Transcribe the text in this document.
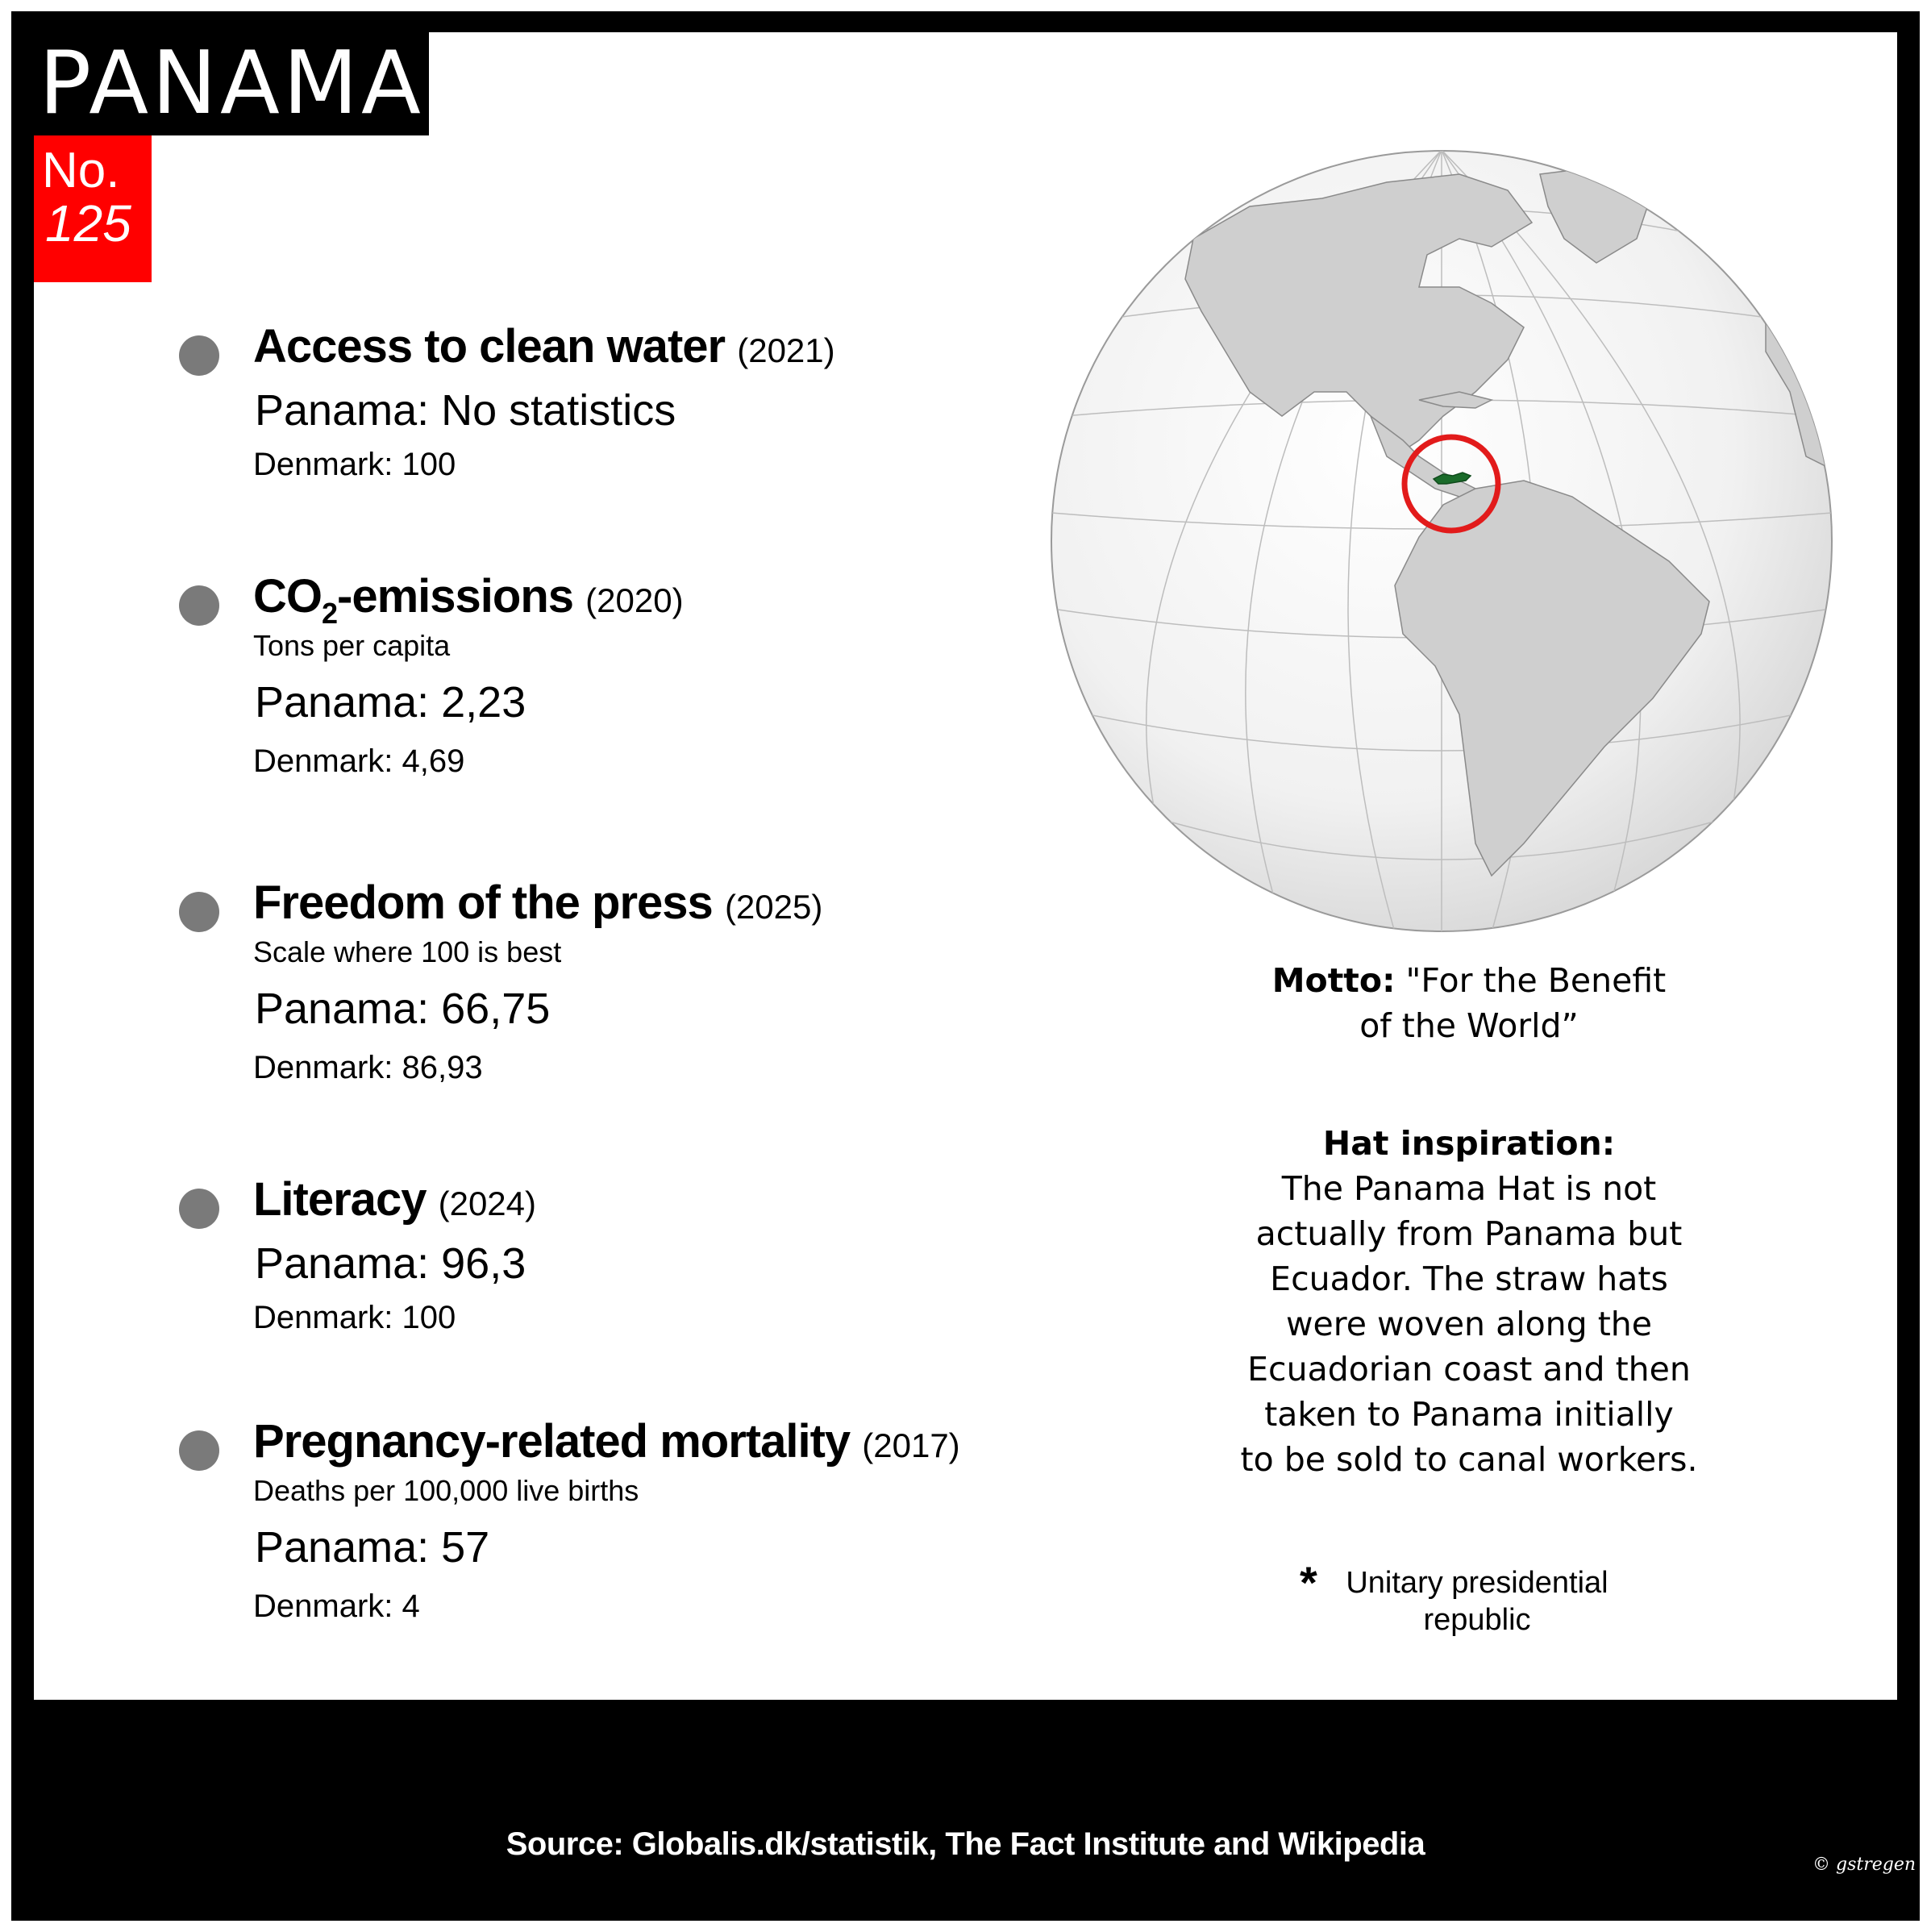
PANAMA
No.
125
Access to clean water (2021)
Panama: No statistics
Denmark: 100
$CO_2$-emissions (2020)
Tons per capita
Panama: 2,23
Denmark: 4,69
Freedom of the press (2025)
Scale where 100 is best
Panama: 66,75
Denmark: 86,93
Literacy (2024)
Panama: 96,3
Denmark: 100
Pregnancy-related mortality (2017)
Deaths per 100,000 live births
Panama: 57
Denmark: 4
Motto: "For the Benefit
of the World”
Hat inspiration:
The Panama Hat is not
actually from Panama but
Ecuador. The straw hats
were woven along the
Ecuadorian coast and then
taken to Panama initially
to be sold to canal workers.
* Unitary presidential
republic
Source: Globalis.dk/statistik, The Fact Institute and Wikipedia
© gstregen
